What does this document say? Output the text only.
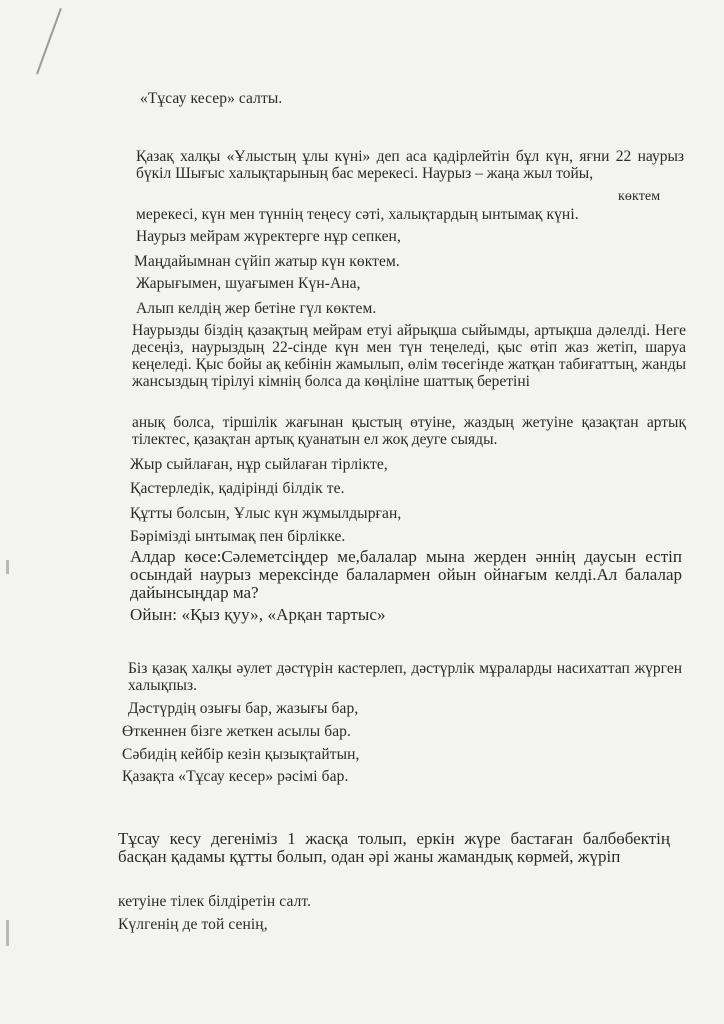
«Тұсау кесер» салты.
Қазақ халқы «Ұлыстың ұлы күні» деп аса қадірлейтін бұл күн, яғни 22 наурыз бүкіл Шығыс халықтарының бас мерекесі. Наурыз – жаңа жыл тойы,
көктем
мерекесі, күн мен түннің теңесу сәті, халықтардың ынтымақ күні.
Наурыз мейрам жүректерге нұр сепкен,
Маңдайымнан сүйіп жатыр күн көктем.
Жарығымен, шуағымен Күн-Ана,
Алып келдің жер бетіне гүл көктем.
Наурызды біздің қазақтың мейрам етуі айрықша сыйымды, артықша дәлелді. Неге десеңіз, наурыздың 22-сінде күн мен түн теңеледі, қыс өтіп жаз жетіп, шаруа кеңеледі. Қыс бойы ақ кебінін жамылып, өлім төсегінде жатқан табиғаттың, жанды жансыздың тірілуі кімнің болса да көңіліне шаттық беретіні
анық болса, тіршілік жағынан қыстың өтуіне, жаздың жетуіне қазақтан артық тілектес, қазақтан артық қуанатын ел жоқ деуге сыяды.
Жыр сыйлаған, нұр сыйлаған тірлікте,
Қастерледік, қадірінді білдік те.
Құтты болсын, Ұлыс күн жұмылдырған,
Бәрімізді ынтымақ пен бірлікке.
Алдар көсе:Сәлеметсіңдер ме,балалар мына жерден әннің даусын естіп осындай наурыз мерексінде балалармен ойын ойнағым келді.Ал балалар дайынсыңдар ма?
Ойын: «Қыз қуу», «Арқан тартыс»
Біз қазақ халқы әулет дәстүрін кастерлеп, дәстүрлік мұраларды насихаттап жүрген халықпыз.
Дәстүрдің озығы бар, жазығы бар,
Өткеннен бізге жеткен асылы бар.
Сәбидің кейбір кезін қызықтайтын,
Қазақта «Тұсау кесер» рәсімі бар.
Тұсау кесу дегеніміз 1 жасқа толып, еркін жүре бастаған балбөбектің басқан қадамы құтты болып, одан әрі жаны жамандық көрмей, жүріп
кетуіне тілек білдіретін салт.
Күлгенің де той сенің,
